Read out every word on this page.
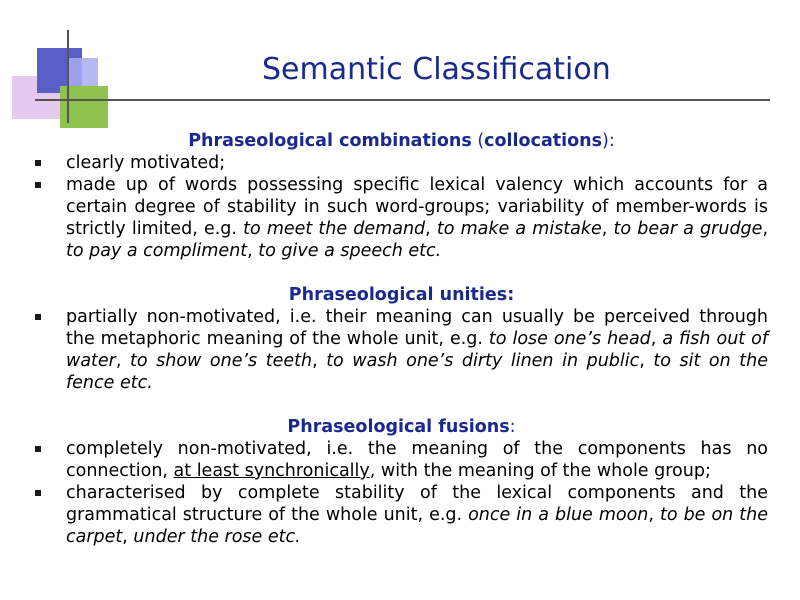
Semantic Classification

Phraseological combinations (collocations):

clearly motivated;
made up of words possessing specific lexical valency which accounts for a certain degree of stability in such word-groups; variability of member-words is strictly limited, e.g. to meet the demand, to make a mistake, to bear a grudge, to pay a compliment, to give a speech etc.

Phraseological unities:

partially non-motivated, i.e. their meaning can usually be perceived through the metaphoric meaning of the whole unit, e.g. to lose one’s head, a fish out of water, to show one’s teeth, to wash one’s dirty linen in public, to sit on the fence etc.

Phraseological fusions:

completely non-motivated, i.e. the meaning of the components has no connection, at least synchronically, with the meaning of the whole group;
characterised by complete stability of the lexical components and the grammatical structure of the whole unit, e.g. once in a blue moon, to be on the carpet, under the rose etc.
